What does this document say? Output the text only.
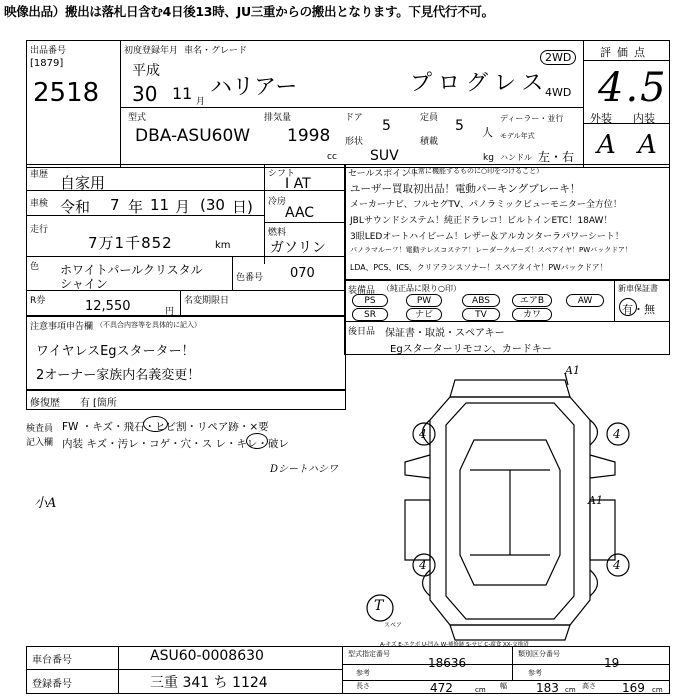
映像出品）搬出は落札日含む4日後13時、JU三重からの搬出となります。下見代行不可。
出品番号
[1879]
2518
初度登録年月 車名・グレード
平成
30 11 月
ハリアー	プログレス
2WD
4WD
型式
DBA-ASU60W
排気量
1998
cc
ドア 5
形状
SUV
定員 5 人
積載
kg
ディーラー・並行
モデル年式
ハンドル 左・右
評価点
4.5
外装 内装
A A
車歴 自家用
車検 令和 7 年 11 月 (30 日)
走行
7万1千852	km
シフト
I AT
冷房
AAC
燃料
ガソリン
色 ホワイトパールクリスタル
シャイン	色番号 070
R券	12,550	円
名変期限日
セールスポイント
（正常に機能するものに○印をつけること）
ユーザー買取初出品！電動パーキングブレーキ！
メーカーナビ、フルセグTV、パノラミックビューモニター全方位！
JBLサウンドシステム！純正ドラレコ！ビルトインETC！18AW！
3眼LEDオートハイビーム！レザー＆アルカンターラパワーシート！
パノラマルーフ！電動テレスコステア！レーダークルーズ！スペアイヤ！PWバックドア！
LDA、PCS、ICS、クリアランスソナー！スペアタイヤ！PWバックドア！
装備品 （純正品に限り○印）
PS	PW	ABS	エアB	AW
SR	ナビ	TV	カワ
新車保証書
有・無
後日品 保証書・取説・スペアキー
Egスターターリモコン、カードキー
注意事項申告欄 （不具合内容等を具体的に記入）
ワイヤレスEgスターター！
2オーナー家族内名義変更！
修復歴 有 [箇所
検査員
記入欄
FW ・キズ・飛石・ヒビ割・リペア跡・×要
内装 キズ・汚レ・コゲ・穴・ス レ・キレ・破レ
Dシートハシワ
小A
A1
4	4
A1
4	4
T
スペア
A-キズ E-エクボ U-凹み W-補修跡 S-サビ C-腐食 XX-交換済
車台番号	ASU60-0008630
登録番号	三重 341 ち 1124
型式指定番号
参考
18636
類別区分番号
参考
19
長さ	472	cm 幅 183 cm 高さ 169 cm
